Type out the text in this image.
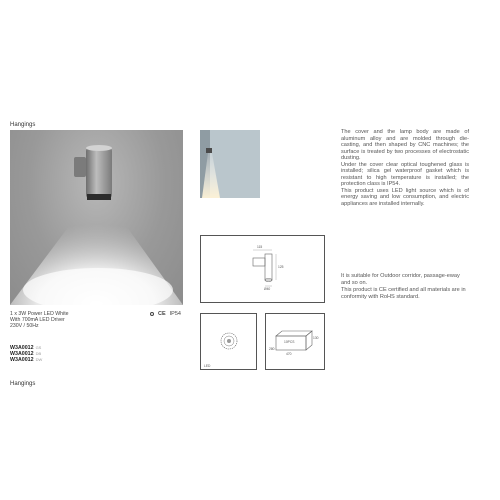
Hangings
1 x 3W Power LED White
With 700mA LED Driver
230V / 50Hz
CE IP54
W3A0012 GS
W3A0012 DB
W3A0012 DW
115
125
Ø40
LED
10PCS
470
280
130

The cover and the lamp body are made of aluminum alloy and are molded through die-casting, and then shaped by CNC machines; the surface is treated by two processes of electrostatic dusting.

Under the cover clear optical toughened glass is installed; silica gel waterproof gasket which is resistant to high temperature is installed; the protection class is IP54.

This product uses LED light source which is of energy saving and low consumption, and electric appliances are installed internally.

It is suitable for Outdoor corridor, passage-eway and so on.

This product is CE certified and all materials are in conformity with RoHS standard.

Hangings
